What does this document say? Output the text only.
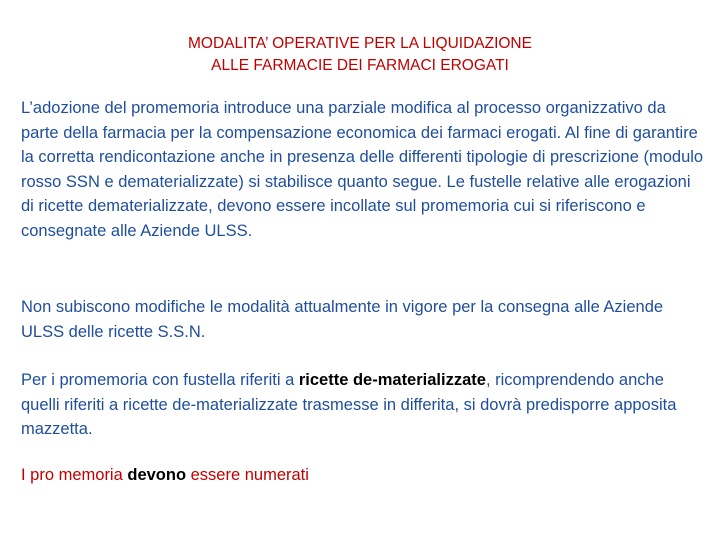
MODALITA’ OPERATIVE PER LA LIQUIDAZIONE
ALLE FARMACIE DEI FARMACI EROGATI

L’adozione del promemoria introduce una parziale modifica al processo organizzativo da parte della farmacia per la compensazione economica dei farmaci erogati. Al fine di garantire la corretta rendicontazione anche in presenza delle differenti tipologie di prescrizione (modulo rosso SSN e dematerializzate) si stabilisce quanto segue. Le fustelle relative alle erogazioni di ricette dematerializzate, devono essere incollate sul promemoria cui si riferiscono e consegnate alle Aziende ULSS.

Non subiscono modifiche le modalità attualmente in vigore per la consegna alle Aziende ULSS delle ricette S.S.N.

Per i promemoria con fustella riferiti a ricette de-materializzate, ricomprendendo anche quelli riferiti a ricette de-materializzate trasmesse in differita, si dovrà predisporre apposita mazzetta.

I pro memoria devono essere numerati
